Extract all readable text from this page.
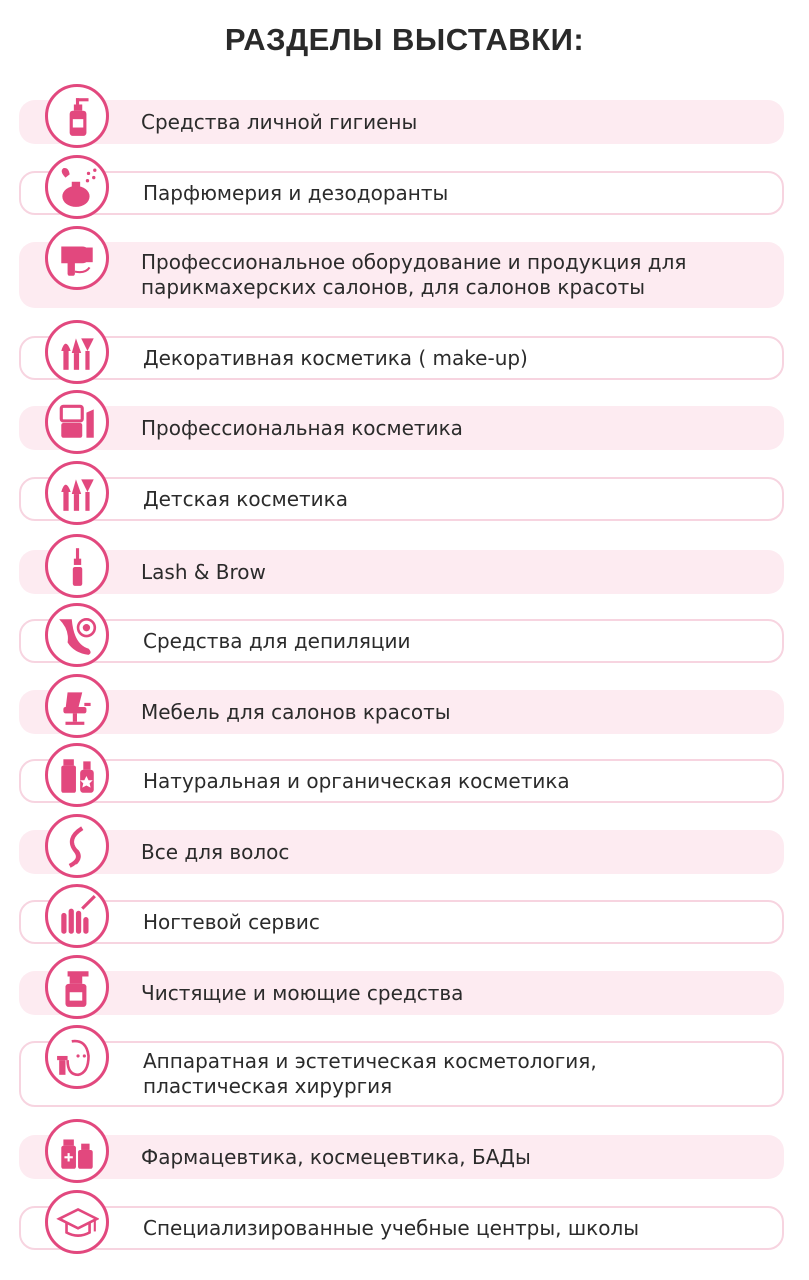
РАЗДЕЛЫ ВЫСТАВКИ:
Средства личной гигиены
Парфюмерия и дезодоранты
Профессиональное оборудование и продукция для
парикмахерских салонов, для салонов красоты
Декоративная косметика ( make-up)
Профессиональная косметика
Детская косметика
Lash & Brow
Средства для депиляции
Мебель для салонов красоты
Натуральная и органическая косметика
Все для волос
Ногтевой сервис
Чистящие и моющие средства
Аппаратная и эстетическая косметология,
пластическая хирургия
Фармацевтика, космецевтика, БАДы
Специализированные учебные центры, школы
